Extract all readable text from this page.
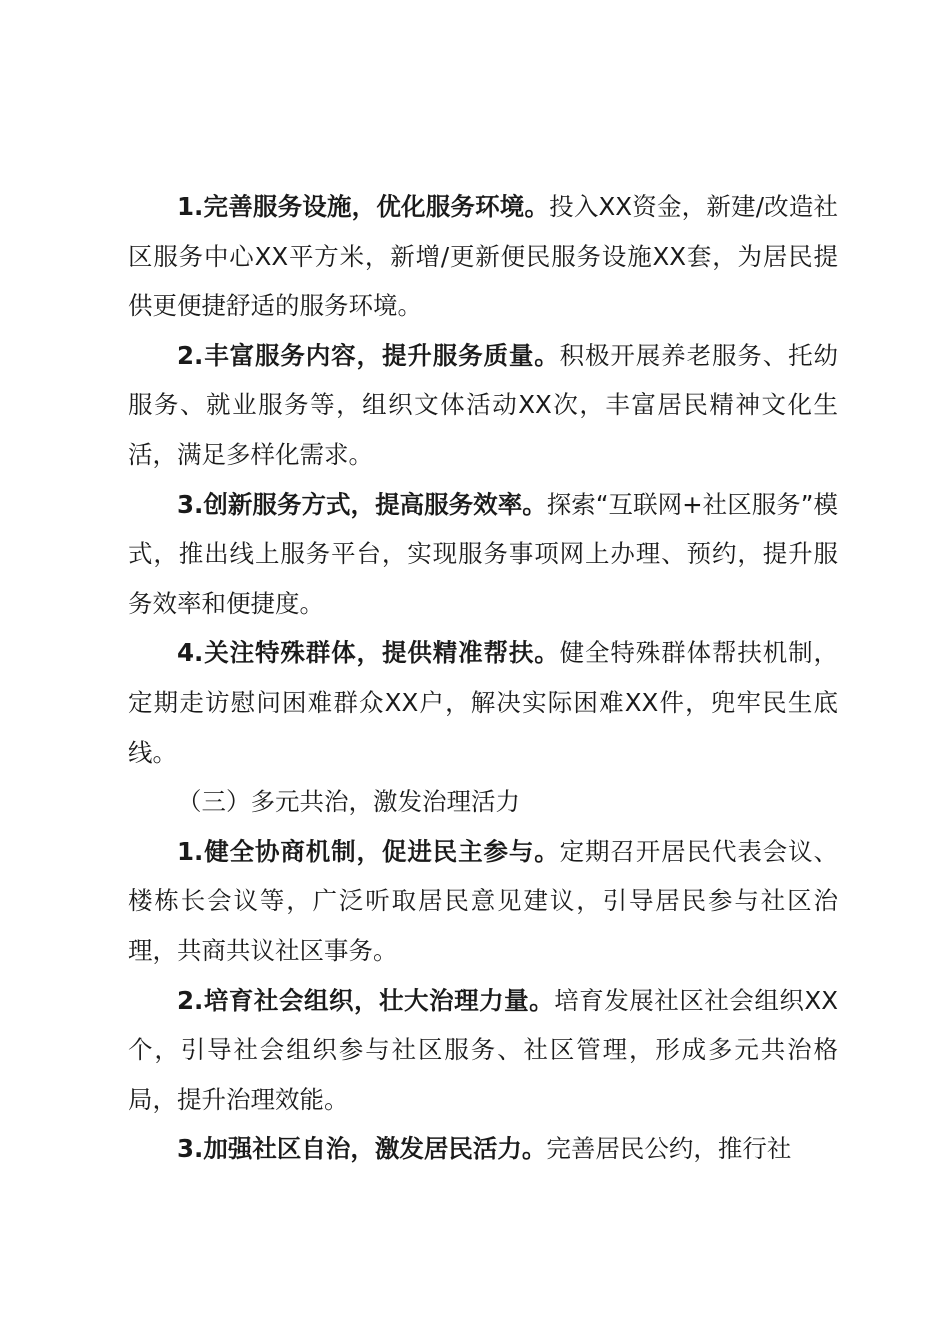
1.完善服务设施，优化服务环境。投入XX资金，新建/改造社区服务中心XX平方米，新增/更新便民服务设施XX套，为居民提供更便捷舒适的服务环境。

2.丰富服务内容，提升服务质量。积极开展养老服务、托幼服务、就业服务等，组织文体活动XX次，丰富居民精神文化生活，满足多样化需求。

3.创新服务方式，提高服务效率。探索“互联网+社区服务”模式，推出线上服务平台，实现服务事项网上办理、预约，提升服务效率和便捷度。

4.关注特殊群体，提供精准帮扶。健全特殊群体帮扶机制，定期走访慰问困难群众XX户，解决实际困难XX件，兜牢民生底线。

（三）多元共治，激发治理活力

1.健全协商机制，促进民主参与。定期召开居民代表会议、楼栋长会议等，广泛听取居民意见建议，引导居民参与社区治理，共商共议社区事务。

2.培育社会组织，壮大治理力量。培育发展社区社会组织XX个，引导社会组织参与社区服务、社区管理，形成多元共治格局，提升治理效能。

3.加强社区自治，激发居民活力。完善居民公约，推行社
